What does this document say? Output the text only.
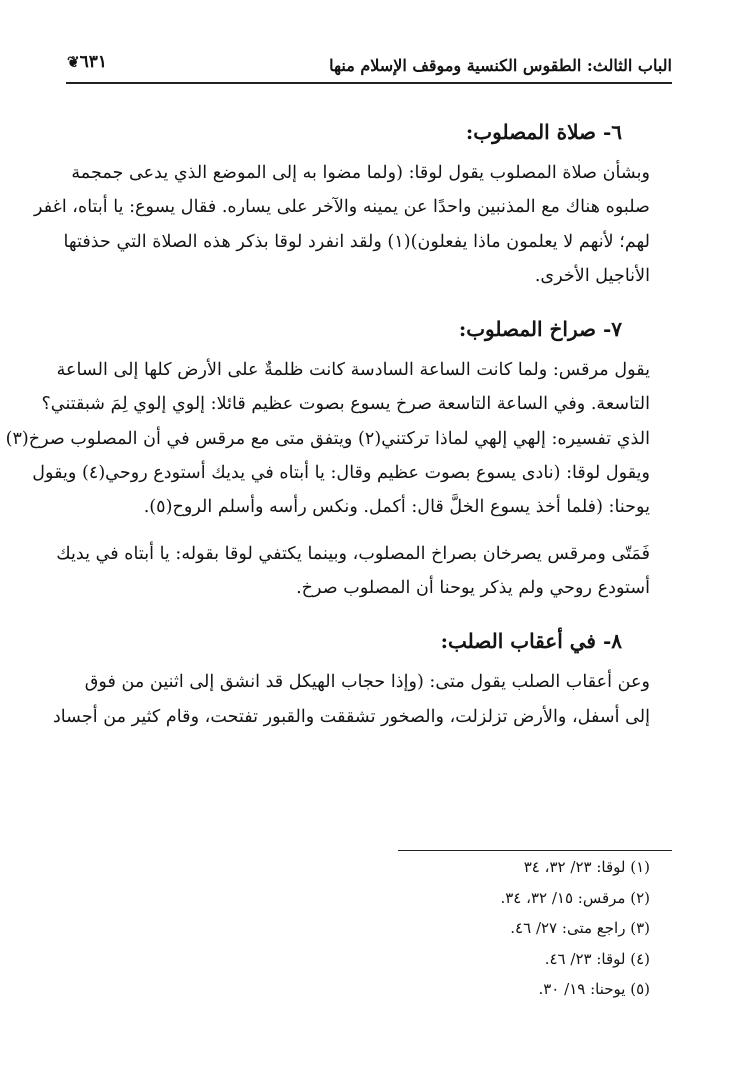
الباب الثالث: الطقوس الكنسية وموقف الإسلام منها
❦٦٣١
٦- صلاة المصلوب:

وبشأن صلاة المصلوب يقول لوقا: (ولما مضوا به إلى الموضع الذي يدعى جمجمة
صلبوه هناك مع المذنبين واحدًا عن يمينه والآخر على يساره. فقال يسوع: يا أبتاه، اغفر
لهم؛ لأنهم لا يعلمون ماذا يفعلون)(١) ولقد انفرد لوقا بذكر هذه الصلاة التي حذفتها
الأناجيل الأخرى.

٧- صراخ المصلوب:

يقول مرقس: ولما كانت الساعة السادسة كانت ظلمةٌ على الأرض كلها إلى الساعة
التاسعة. وفي الساعة التاسعة صرخ يسوع بصوت عظيم قائلا: إلوي إلوي لِمَ شبقتني؟
الذي تفسيره: إلهي إلهي لماذا تركتني(٢) ويتفق متى مع مرقس في أن المصلوب صرخ(٣)
ويقول لوقا: (نادى يسوع بصوت عظيم وقال: يا أبتاه في يديك أستودع روحي(٤) ويقول
يوحنا: (فلما أخذ يسوع الخلَّ قال: أكمل. ونكس رأسه وأسلم الروح(٥).

فَمَتّى ومرقس يصرخان بصراخ المصلوب، وبينما يكتفي لوقا بقوله: يا أبتاه في يديك
أستودع روحي ولم يذكر يوحنا أن المصلوب صرخ.

٨- في أعقاب الصلب:

وعن أعقاب الصلب يقول متى: (وإذا حجاب الهيكل قد انشق إلى اثنين من فوق
إلى أسفل، والأرض تزلزلت، والصخور تشققت والقبور تفتحت، وقام كثير من أجساد

(١) لوقا: ٢٣/ ٣٢، ٣٤
(٢) مرقس: ١٥/ ٣٢، ٣٤.
(٣) راجع متى: ٢٧/ ٤٦.
(٤) لوقا: ٢٣/ ٤٦.
(٥) يوحنا: ١٩/ ٣٠.
